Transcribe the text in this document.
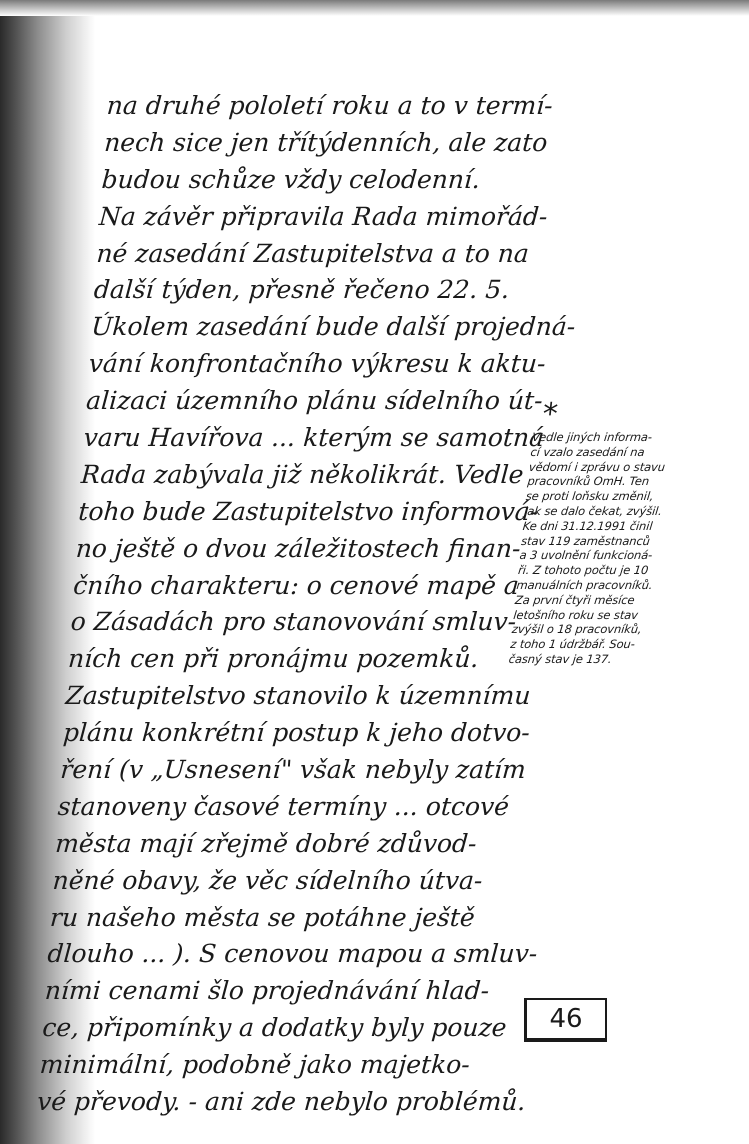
na druhé pololetí roku a to v termí-
nech sice jen třítýdenních, ale zato
budou schůze vždy celodenní.
Na závěr připravila Rada mimořád-
né zasedání Zastupitelstva a to na
další týden, přesně řečeno 22. 5.
Úkolem zasedání bude další projedná-
vání konfrontačního výkresu k aktu-
alizaci územního plánu sídelního út-
varu Havířova ... kterým se samotná
Rada zabývala již několikrát. Vedle
toho bude Zastupitelstvo informová-
no ještě o dvou záležitostech finan-
čního charakteru: o cenové mapě a
o Zásadách pro stanovování smluv-
ních cen při pronájmu pozemků.
Zastupitelstvo stanovilo k územnímu
plánu konkrétní postup k jeho dotvo-
ření (v „Usnesení" však nebyly zatím
stanoveny časové termíny ... otcové
města mají zřejmě dobré zdůvod-
něné obavy, že věc sídelního útva-
ru našeho města se potáhne ještě
dlouho ... ). S cenovou mapou a smluv-
ními cenami šlo projednávání hlad-
ce, připomínky a dodatky byly pouze
minimální, podobně jako majetko-
vé převody. - ani zde nebylo problémů.
*
Vedle jiných informa-
cí vzalo zasedání na
vědomí i zprávu o stavu
pracovníků OmH. Ten
se proti loňsku změnil,
jak se dalo čekat, zvýšil.
Ke dni 31.12.1991 činil
stav 119 zaměstnanců
a 3 uvolnění funkcioná-
ři. Z tohoto počtu je 10
manuálních pracovníků.
Za první čtyři měsíce
letošního roku se stav
zvýšil o 18 pracovníků,
z toho 1 údržbář. Sou-
časný stav je 137.
46
